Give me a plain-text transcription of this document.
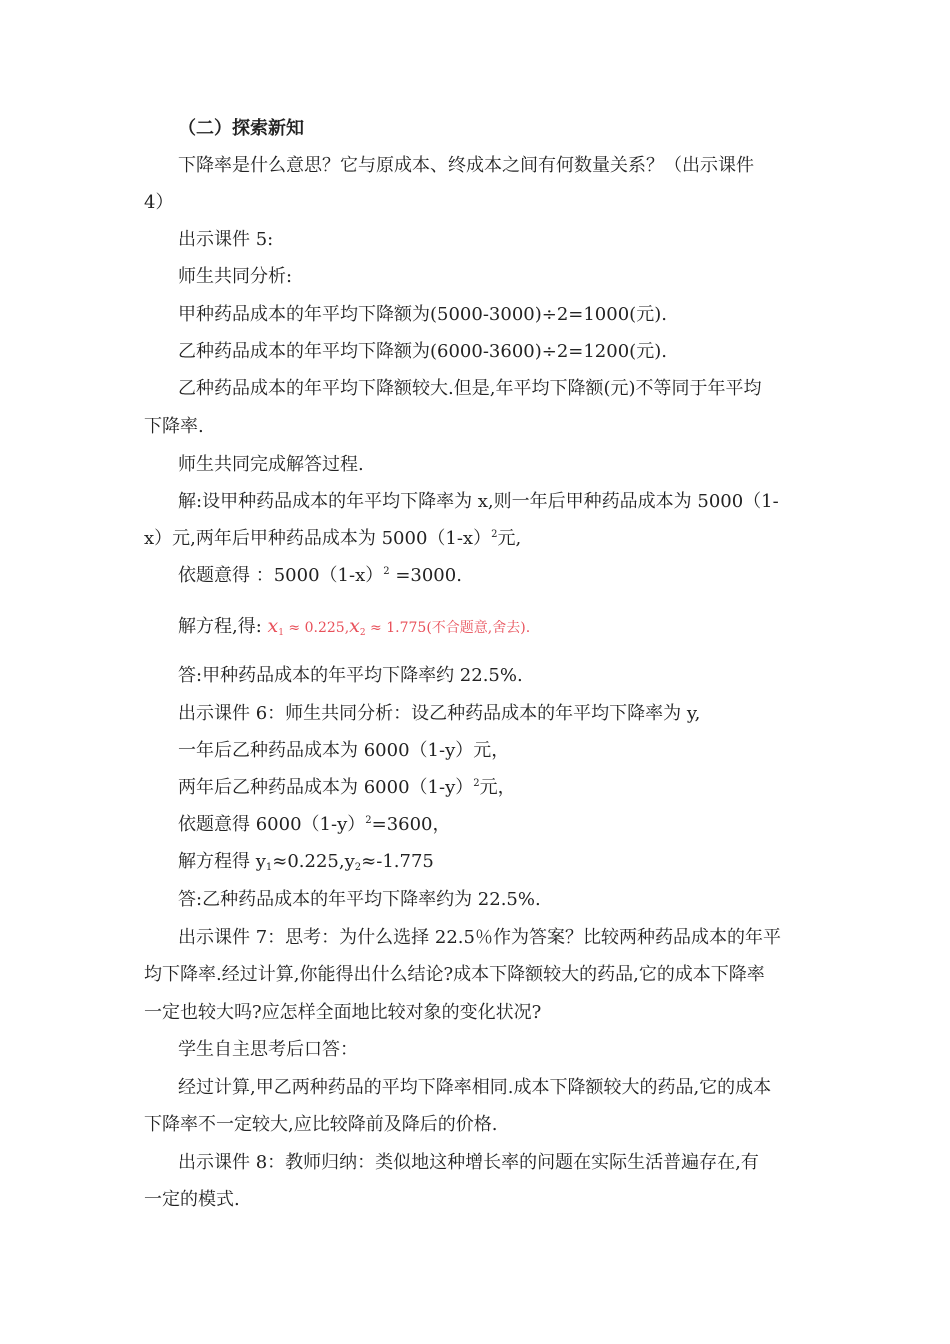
（二）探索新知
下降率是什么意思？它与原成本、终成本之间有何数量关系？（出示课件
4）
出示课件 5:
师生共同分析:
甲种药品成本的年平均下降额为(5000-3000)÷2=1000(元).
乙种药品成本的年平均下降额为(6000-3600)÷2=1200(元).
乙种药品成本的年平均下降额较大.但是,年平均下降额(元)不等同于年平均
下降率.
师生共同完成解答过程.
解:设甲种药品成本的年平均下降率为 x,则一年后甲种药品成本为 5000（1-
x）元,两年后甲种药品成本为 $5000(1-x)^2$元,
依题意得 ：$5000(1-x)^2 =3000$.
解方程,得: $x_1 \approx 0.225,x_2 \approx 1.775$(不合题意,舍去).
答:甲种药品成本的年平均下降率约 22.5%.
出示课件 6：师生共同分析：设乙种药品成本的年平均下降率为 y,
一年后乙种药品成本为 6000（1-y）元，
两年后乙种药品成本为 $6000(1-y)^2$元，
依题意得 $6000(1-y)^2=3600$，
解方程得 $y_1\approx 0.225,y_2\approx-1.775$
答:乙种药品成本的年平均下降率约为 22.5%.
出示课件 7：思考：为什么选择 22.5％作为答案？比较两种药品成本的年平
均下降率.经过计算,你能得出什么结论?成本下降额较大的药品,它的成本下降率
一定也较大吗?应怎样全面地比较对象的变化状况?
学生自主思考后口答：
经过计算,甲乙两种药品的平均下降率相同.成本下降额较大的药品,它的成本
下降率不一定较大,应比较降前及降后的价格.
出示课件 8：教师归纳：类似地这种增长率的问题在实际生活普遍存在,有
一定的模式.
